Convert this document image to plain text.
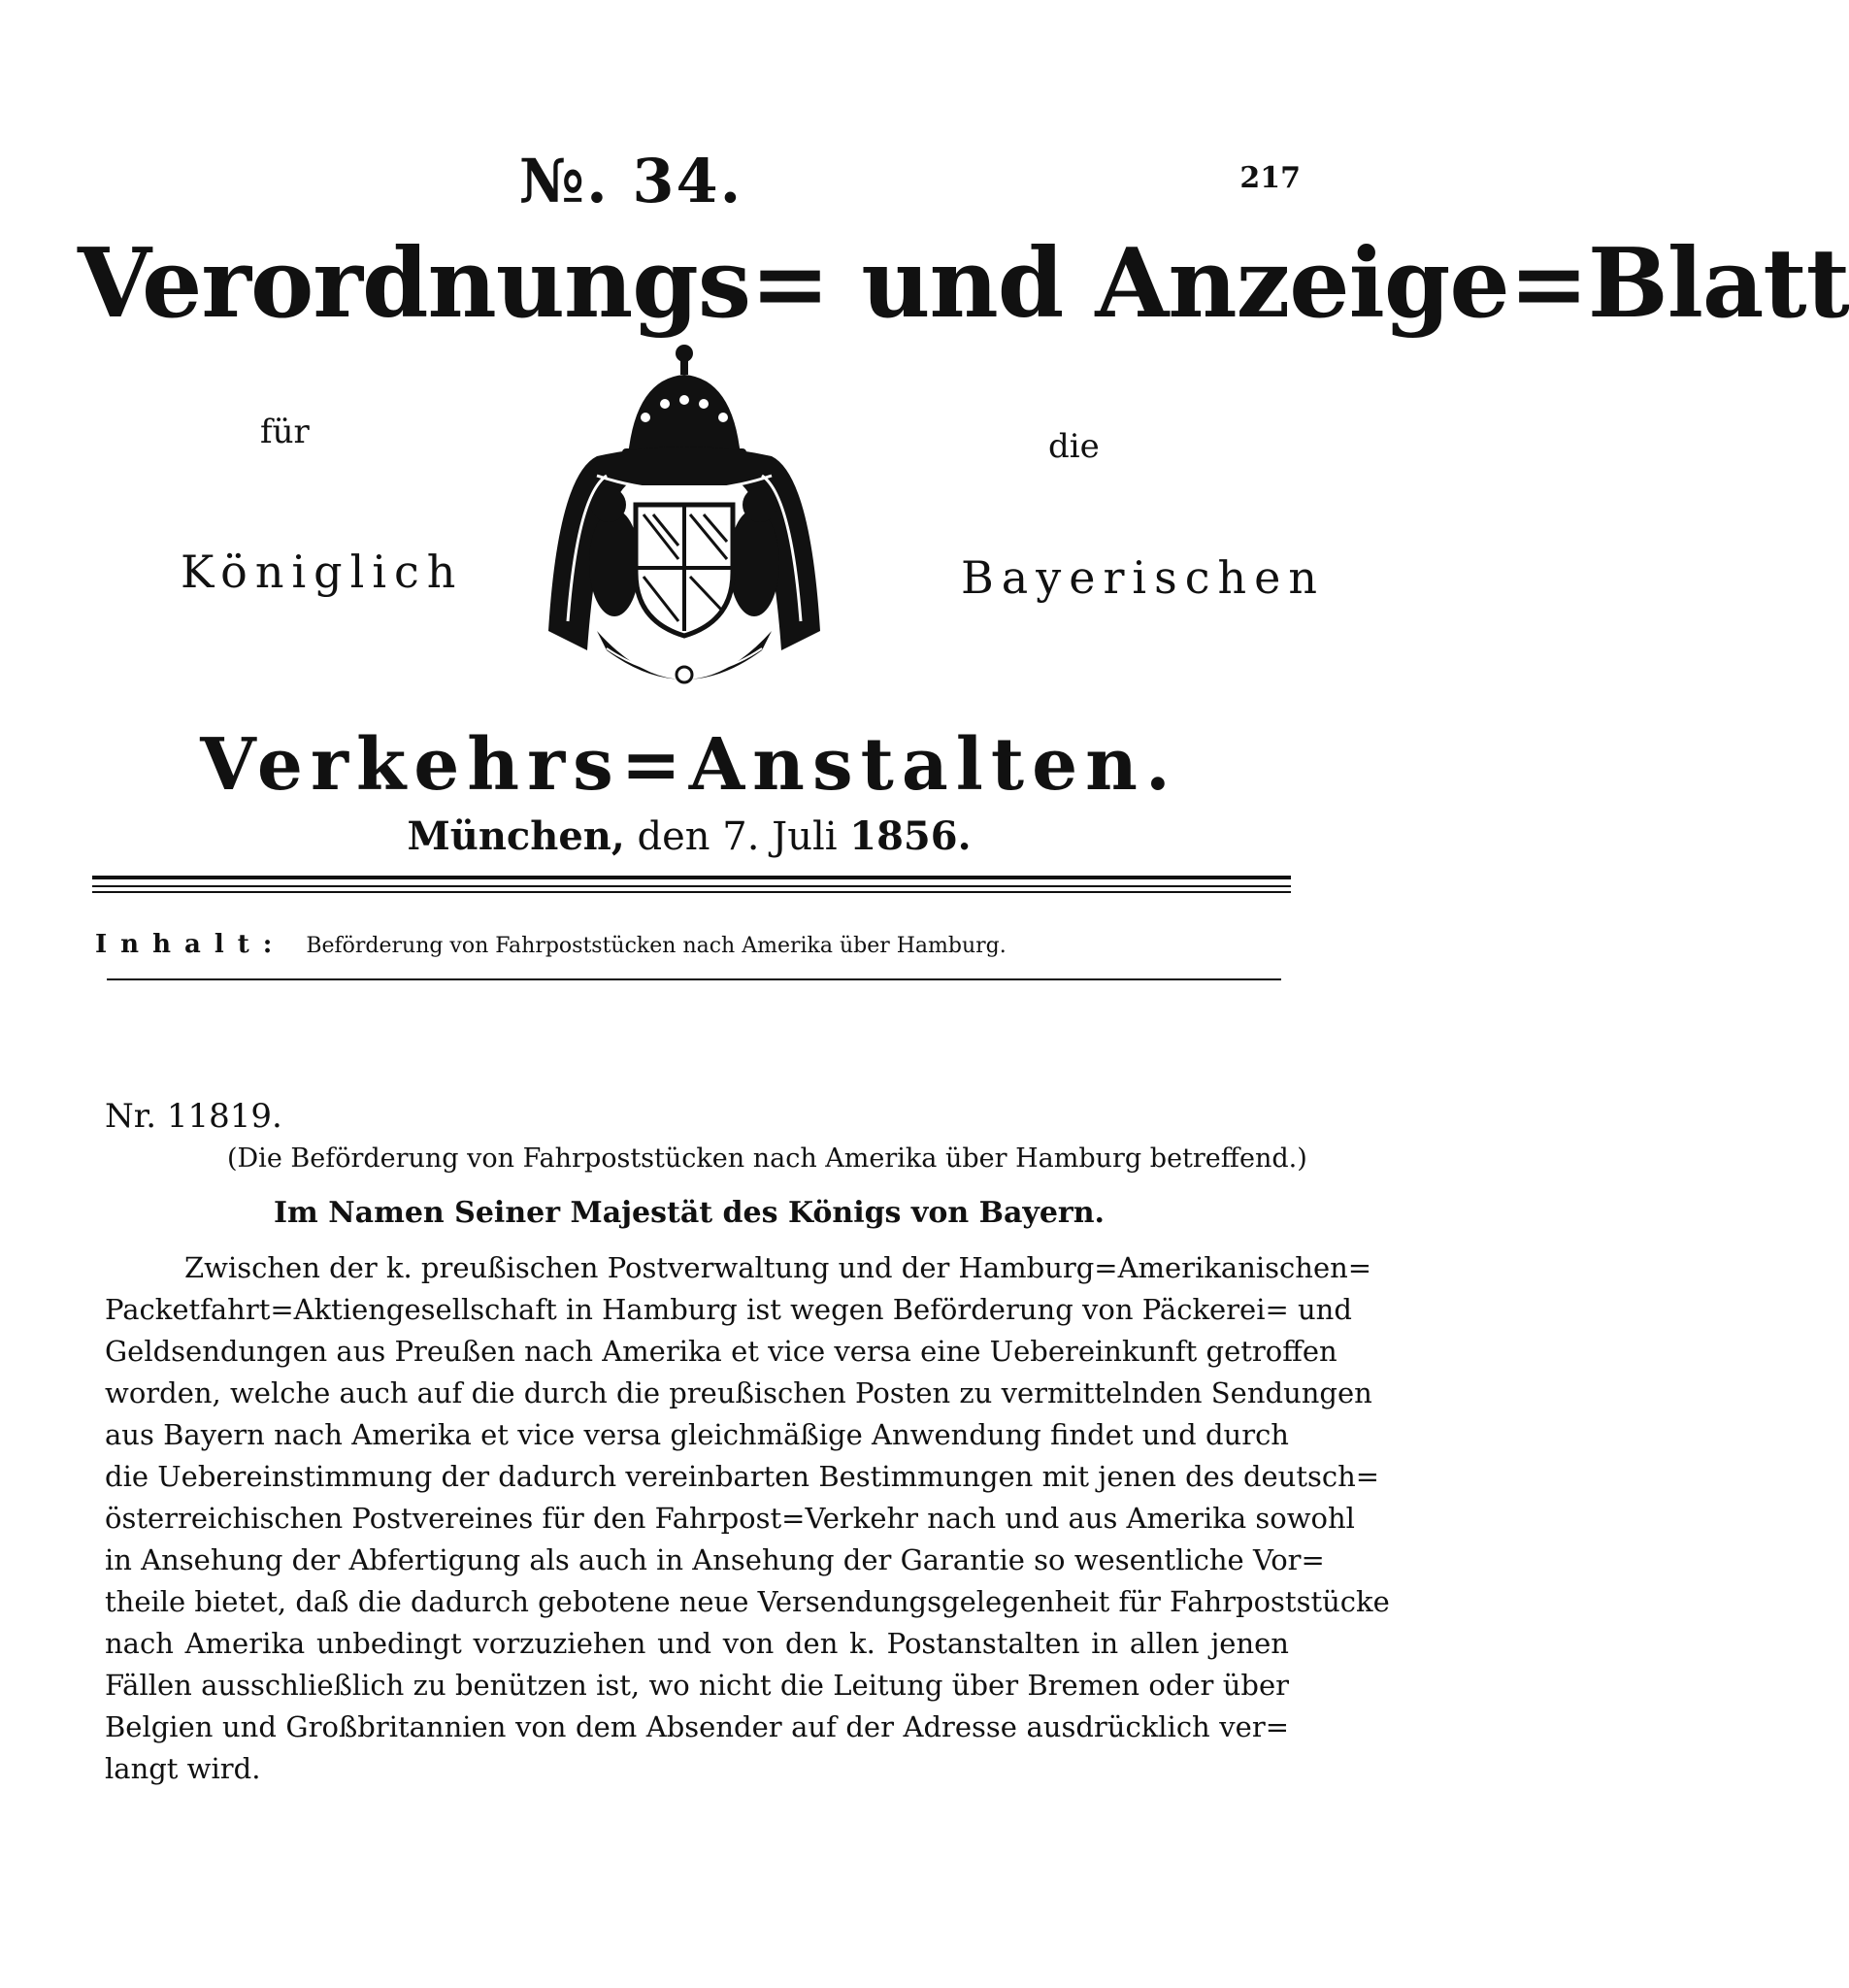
№. 34.	217
Verordnungs= und Anzeige=Blatt
für	die
Königlich	Bayerischen
Verkehrs=Anstalten.
München, den 7. Juli 1856.
Inhalt: Beförderung von Fahrpoststücken nach Amerika über Hamburg.
Nr. 11819.
(Die Beförderung von Fahrpoststücken nach Amerika über Hamburg betreffend.)
Im Namen Seiner Majestät des Königs von Bayern.
Zwischen der k. preußischen Postverwaltung und der Hamburg=Amerikanischen=
Packetfahrt=Aktiengesellschaft in Hamburg ist wegen Beförderung von Päckerei= und
Geldsendungen aus Preußen nach Amerika et vice versa eine Uebereinkunft getroffen
worden, welche auch auf die durch die preußischen Posten zu vermittelnden Sendungen
aus Bayern nach Amerika et vice versa gleichmäßige Anwendung findet und durch
die Uebereinstimmung der dadurch vereinbarten Bestimmungen mit jenen des deutsch=
österreichischen Postvereines für den Fahrpost=Verkehr nach und aus Amerika sowohl
in Ansehung der Abfertigung als auch in Ansehung der Garantie so wesentliche Vor=
theile bietet, daß die dadurch gebotene neue Versendungsgelegenheit für Fahrpoststücke
nach Amerika unbedingt vorzuziehen und von den k. Postanstalten in allen jenen
Fällen ausschließlich zu benützen ist, wo nicht die Leitung über Bremen oder über
Belgien und Großbritannien von dem Absender auf der Adresse ausdrücklich ver=
langt wird.
